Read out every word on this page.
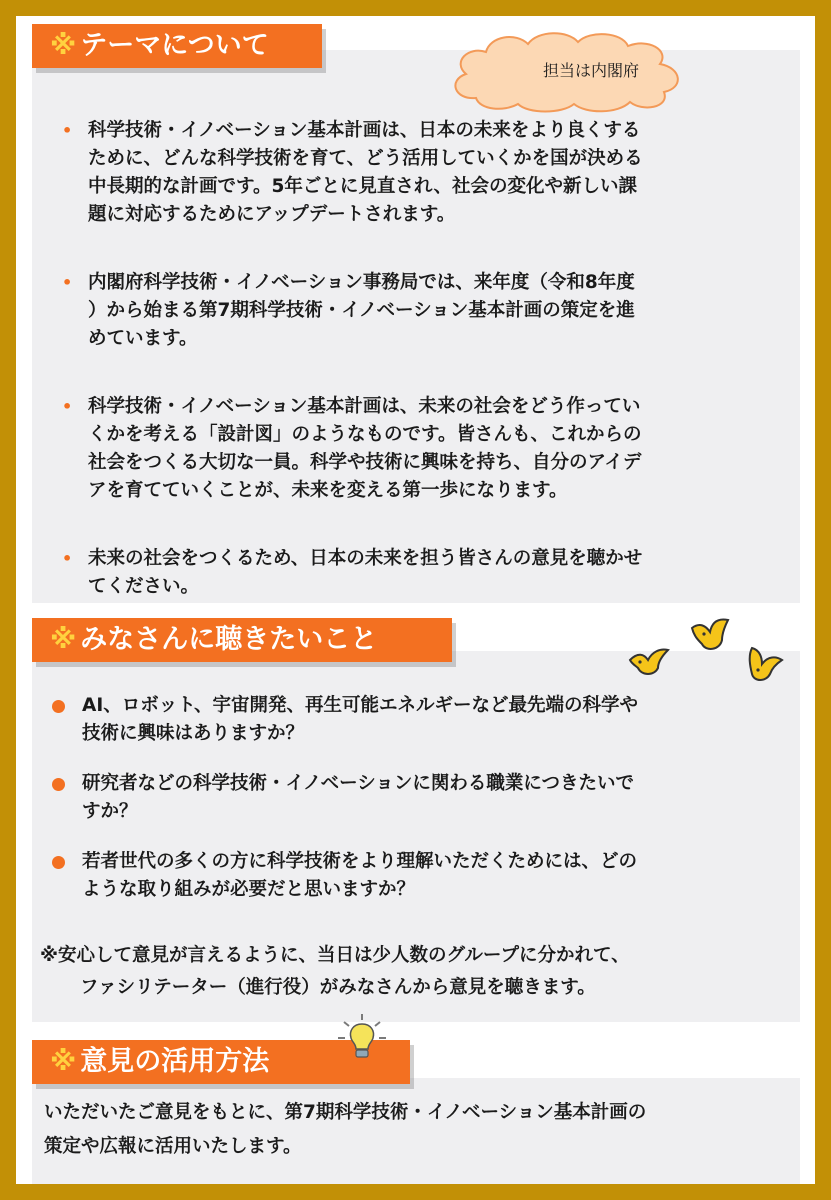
※ テーマについて
担当は内閣府
• 科学技術・イノベーション基本計画は、日本の未来をより良くする
ために、どんな科学技術を育て、どう活用していくかを国が決める
中長期的な計画です。5年ごとに見直され、社会の変化や新しい課
題に対応するためにアップデートされます。
• 内閣府科学技術・イノベーション事務局では、来年度（令和8年度
）から始まる第7期科学技術・イノベーション基本計画の策定を進
めています。
• 科学技術・イノベーション基本計画は、未来の社会をどう作ってい
くかを考える「設計図」のようなものです。皆さんも、これからの
社会をつくる大切な一員。科学や技術に興味を持ち、自分のアイデ
アを育てていくことが、未来を変える第一歩になります。
• 未来の社会をつくるため、日本の未来を担う皆さんの意見を聴かせ
てください。
※ みなさんに聴きたいこと
AI、ロボット、宇宙開発、再生可能エネルギーなど最先端の科学や
技術に興味はありますか？
研究者などの科学技術・イノベーションに関わる職業につきたいで
すか？
若者世代の多くの方に科学技術をより理解いただくためには、どの
ような取り組みが必要だと思いますか？
※安心して意見が言えるように、当日は少人数のグループに分かれて、
ファシリテーター（進行役）がみなさんから意見を聴きます。
※ 意見の活用方法
いただいたご意見をもとに、第7期科学技術・イノベーション基本計画の
策定や広報に活用いたします。
